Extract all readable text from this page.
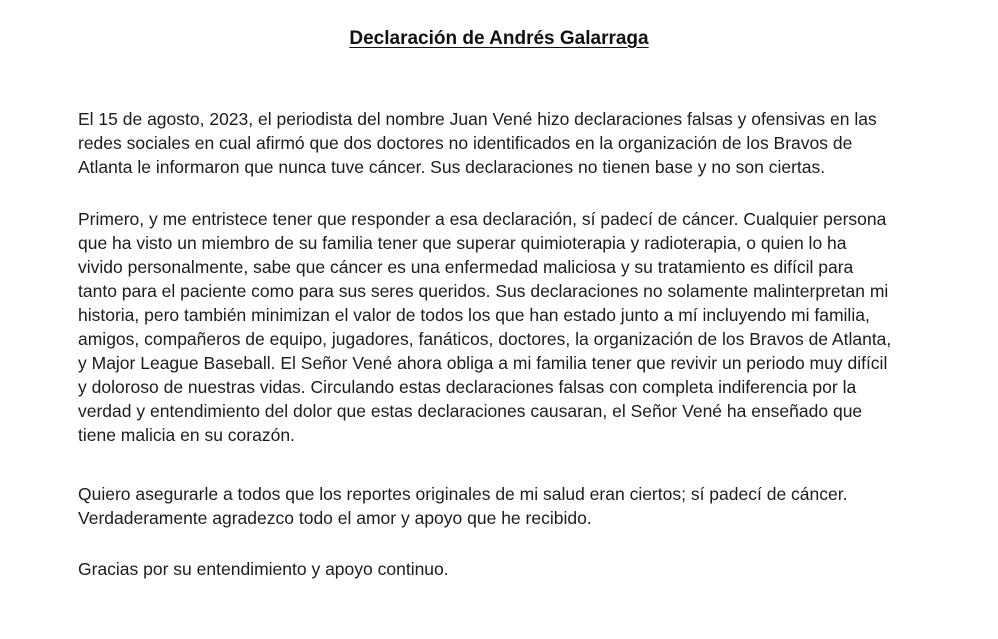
Declaración de Andrés Galarraga
El 15 de agosto, 2023, el periodista del nombre Juan Vené hizo declaraciones falsas y ofensivas en las
redes sociales en cual afirmó que dos doctores no identificados en la organización de los Bravos de
Atlanta le informaron que nunca tuve cáncer. Sus declaraciones no tienen base y no son ciertas.
Primero, y me entristece tener que responder a esa declaración, sí padecí de cáncer. Cualquier persona
que ha visto un miembro de su familia tener que superar quimioterapia y radioterapia, o quien lo ha
vivido personalmente, sabe que cáncer es una enfermedad maliciosa y su tratamiento es difícil para
tanto para el paciente como para sus seres queridos. Sus declaraciones no solamente malinterpretan mi
historia, pero también minimizan el valor de todos los que han estado junto a mí incluyendo mi familia,
amigos, compañeros de equipo, jugadores, fanáticos, doctores, la organización de los Bravos de Atlanta,
y Major League Baseball. El Señor Vené ahora obliga a mi familia tener que revivir un periodo muy difícil
y doloroso de nuestras vidas. Circulando estas declaraciones falsas con completa indiferencia por la
verdad y entendimiento del dolor que estas declaraciones causaran, el Señor Vené ha enseñado que
tiene malicia en su corazón.
Quiero asegurarle a todos que los reportes originales de mi salud eran ciertos; sí padecí de cáncer.
Verdaderamente agradezco todo el amor y apoyo que he recibido.
Gracias por su entendimiento y apoyo continuo.
